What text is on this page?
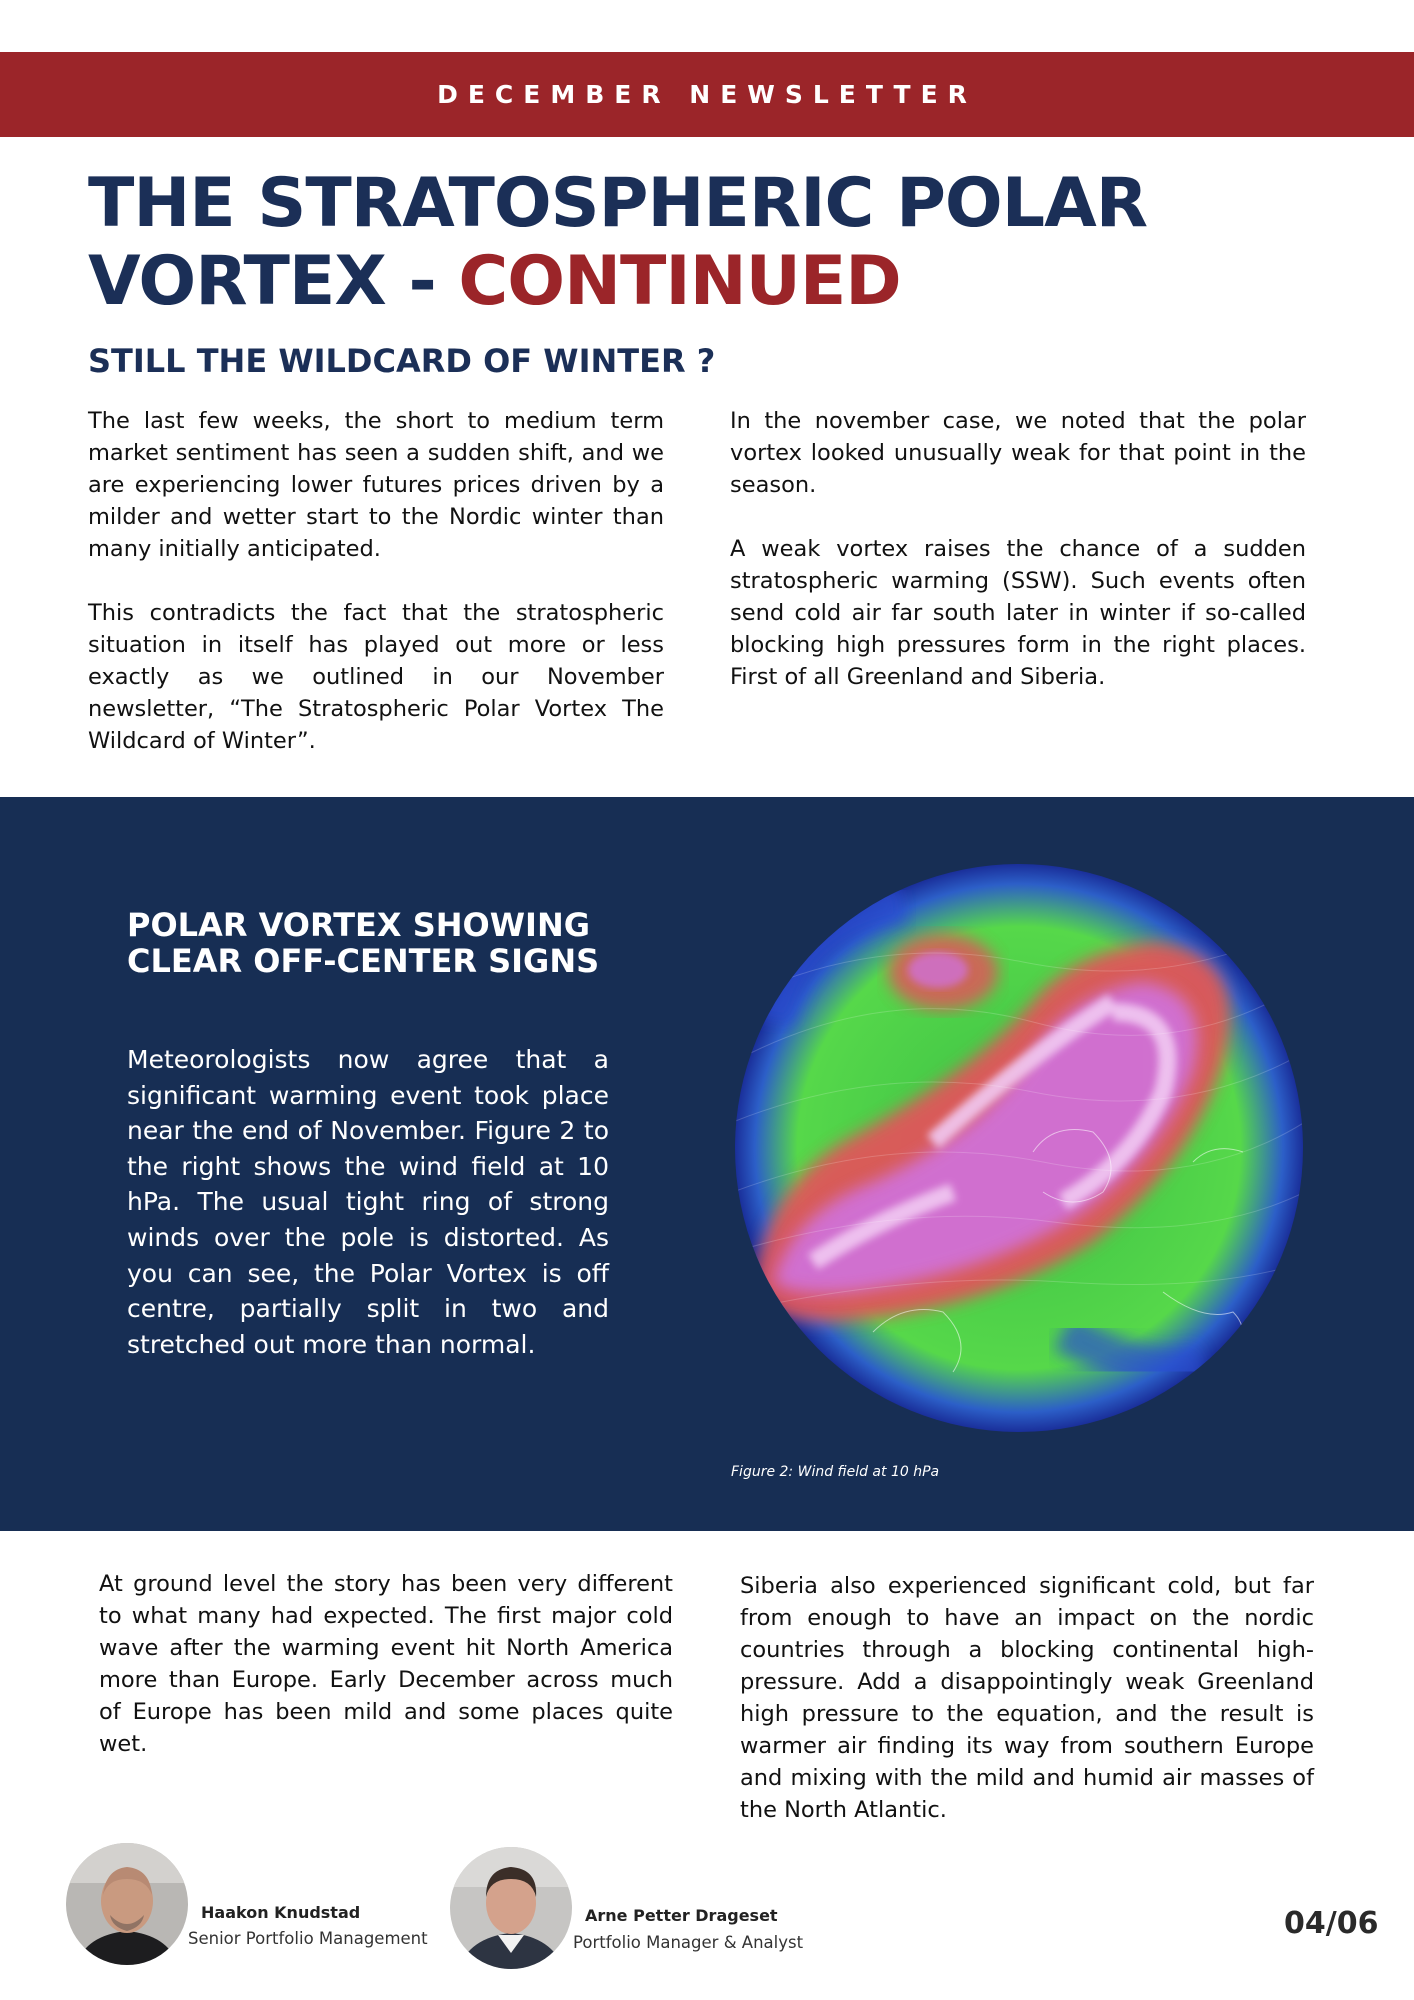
DECEMBER NEWSLETTER
THE STRATOSPHERIC POLAR
VORTEX - CONTINUED
STILL THE WILDCARD OF WINTER ?

The last few weeks, the short to medium term market sentiment has seen a sudden shift, and we are experiencing lower futures prices driven by a milder and wetter start to the Nordic winter than many initially anticipated.

This contradicts the fact that the stratospheric situation in itself has played out more or less exactly as we outlined in our November newsletter, “The Stratospheric Polar Vortex The Wildcard of Winter”.

In the november case, we noted that the polar vortex looked unusually weak for that point in the season.

A weak vortex raises the chance of a sudden stratospheric warming (SSW). Such events often send cold air far south later in winter if so-called blocking high pressures form in the right places. First of all Greenland and Siberia.

POLAR VORTEX SHOWING CLEAR OFF-CENTER SIGNS
Meteorologists now agree that a significant warming event took place near the end of November. Figure 2 to the right shows the wind field at 10 hPa. The usual tight ring of strong winds over the pole is distorted. As you can see, the Polar Vortex is off centre, partially split in two and stretched out more than normal.
Figure 2: Wind field at 10 hPa

At ground level the story has been very different to what many had expected. The first major cold wave after the warming event hit North America more than Europe. Early December across much of Europe has been mild and some places quite wet.

Siberia also experienced significant cold, but far from enough to have an impact on the nordic countries through a blocking continental high-pressure. Add a disappointingly weak Greenland high pressure to the equation, and the result is warmer air finding its way from southern Europe and mixing with the mild and humid air masses of the North Atlantic.

Haakon Knudstad
Senior Portfolio Management
Arne Petter Drageset
Portfolio Manager & Analyst
04/06
